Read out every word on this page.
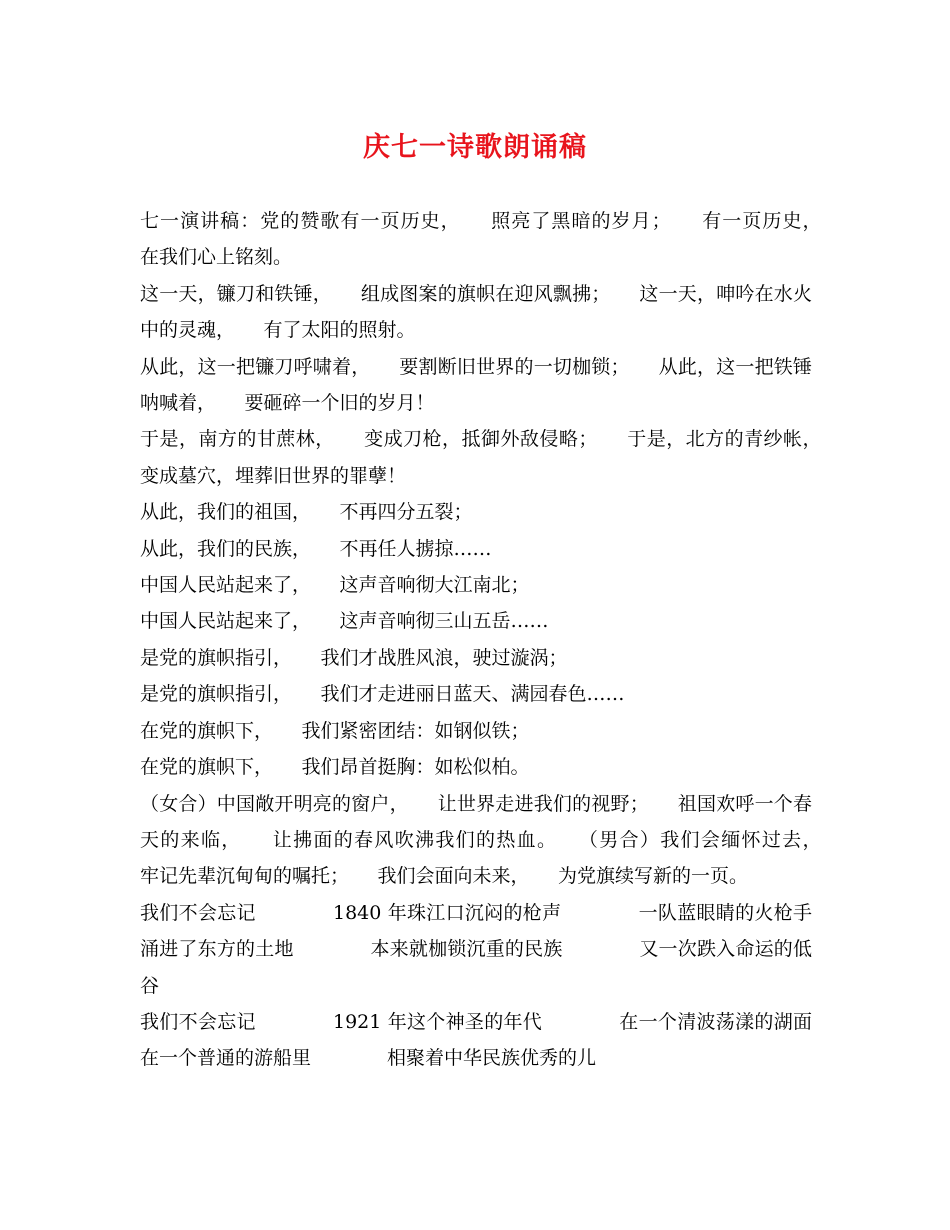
庆七一诗歌朗诵稿

七一演讲稿：党的赞歌有一页历史，　　照亮了黑暗的岁月；　　有一页历史，　　在我们心上铭刻。

这一天，镰刀和铁锤，　　组成图案的旗帜在迎风飘拂；　　这一天，呻吟在水火中的灵魂，　　有了太阳的照射。

从此，这一把镰刀呼啸着，　　要割断旧世界的一切枷锁；　　从此，这一把铁锤呐喊着，　　要砸碎一个旧的岁月！

于是，南方的甘蔗林，　　变成刀枪，抵御外敌侵略；　　于是，北方的青纱帐，　　变成墓穴，埋葬旧世界的罪孽！

从此，我们的祖国，　　不再四分五裂；

从此，我们的民族，　　不再任人掳掠……

中国人民站起来了，　　这声音响彻大江南北；

中国人民站起来了，　　这声音响彻三山五岳……

是党的旗帜指引，　　我们才战胜风浪，驶过漩涡；

是党的旗帜指引，　　我们才走进丽日蓝天、满园春色……

在党的旗帜下，　　我们紧密团结：如钢似铁；

在党的旗帜下，　　我们昂首挺胸：如松似柏。

（女合）中国敞开明亮的窗户，　　让世界走进我们的视野；　　祖国欢呼一个春天的来临，　　让拂面的春风吹沸我们的热血。　　（男合）我们会缅怀过去，　　牢记先辈沉甸甸的嘱托；　　我们会面向未来，　　为党旗续写新的一页。

我们不会忘记　　　　1840 年珠江口沉闷的枪声　　　　一队蓝眼睛的火枪手　　　　涌进了东方的土地　　　　本来就枷锁沉重的民族　　　　又一次跌入命运的低谷

我们不会忘记　　　　1921 年这个神圣的年代　　　　在一个清波荡漾的湖面　　　　在一个普通的游船里　　　　相聚着中华民族优秀的儿
